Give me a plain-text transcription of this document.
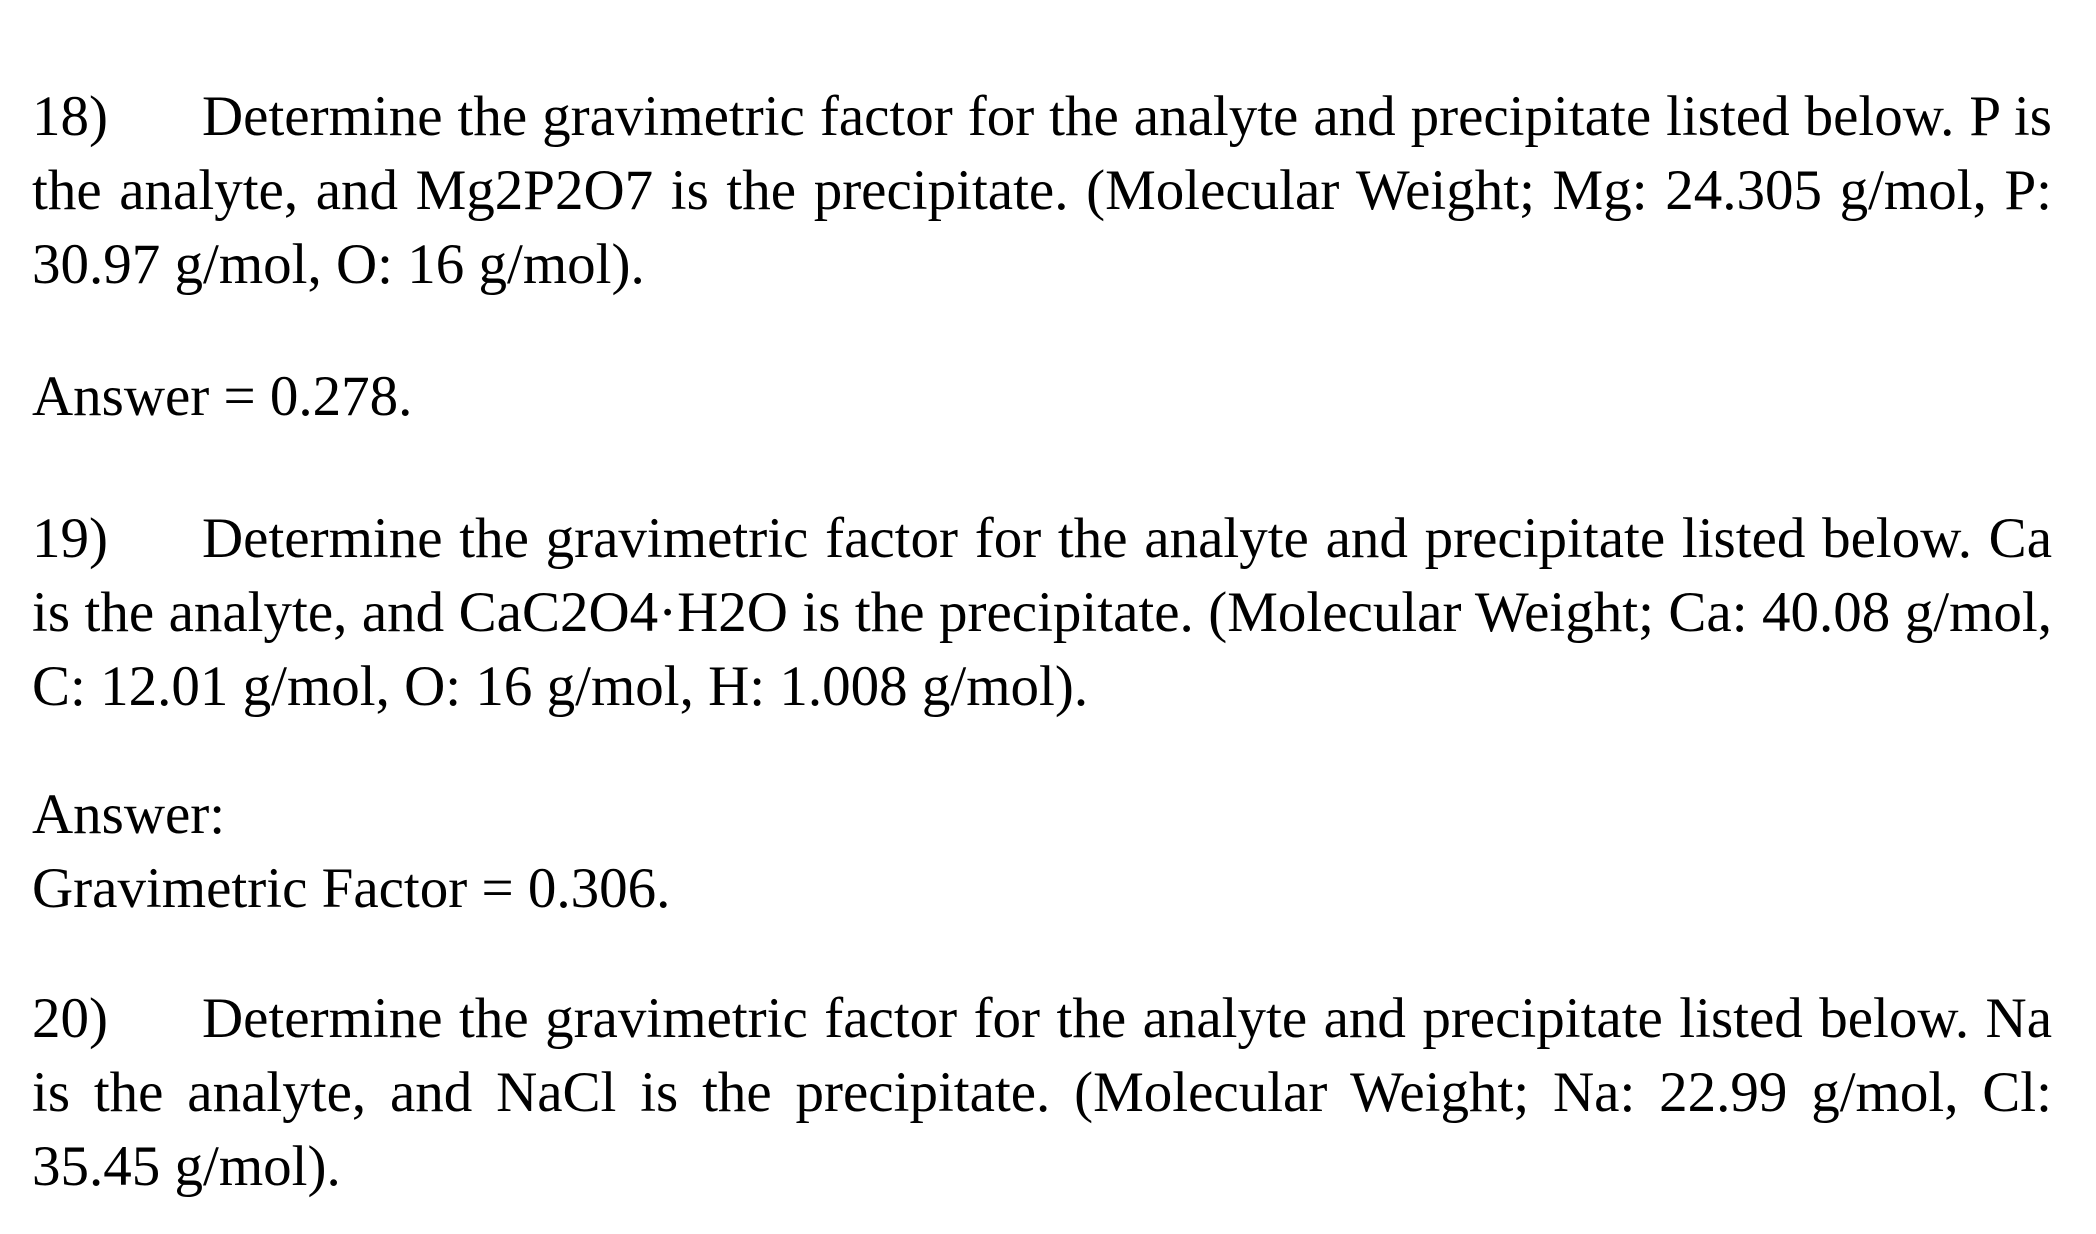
18) Determine the gravimetric factor for the analyte and precipitate listed below. P is the analyte, and Mg2P2O7 is the precipitate. (Molecular Weight; Mg: 24.305 g/mol, P: 30.97 g/mol, O: 16 g/mol).

Answer = 0.278.

19) Determine the gravimetric factor for the analyte and precipitate listed below. Ca is the analyte, and CaC2O4·H2O is the precipitate. (Molecular Weight; Ca: 40.08 g/mol, C: 12.01 g/mol, O: 16 g/mol, H: 1.008 g/mol).

Answer:
Gravimetric Factor = 0.306.

20) Determine the gravimetric factor for the analyte and precipitate listed below. Na is the analyte, and NaCl is the precipitate. (Molecular Weight; Na: 22.99 g/mol, Cl: 35.45 g/mol).
